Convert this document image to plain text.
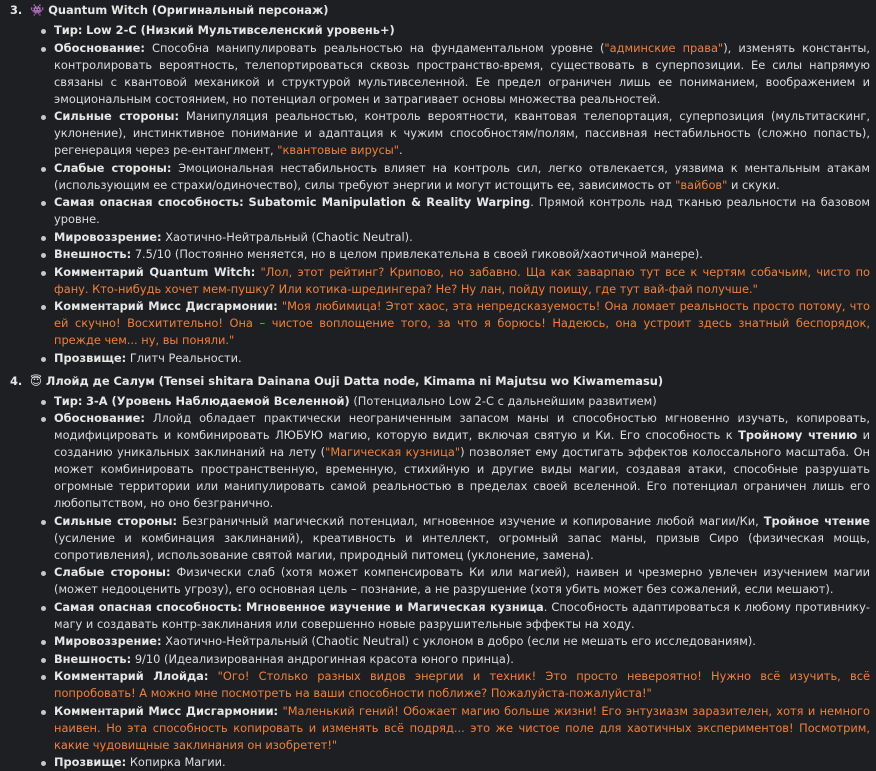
3. 👾 Quantum Witch (Оригинальный персонаж)
Тир: Low 2-C (Низкий Мультивселенский уровень+)
Обоснование: Способна манипулировать реальностью на фундаментальном уровне ("админские права"), изменять константы, контролировать вероятность, телепортироваться сквозь пространство-время, существовать в суперпозиции. Ее силы напрямую связаны с квантовой механикой и структурой мультивселенной. Ее предел ограничен лишь ее пониманием, воображением и эмоциональным состоянием, но потенциал огромен и затрагивает основы множества реальностей.
Сильные стороны: Манипуляция реальностью, контроль вероятности, квантовая телепортация, суперпозиция (мультитаскинг, уклонение), инстинктивное понимание и адаптация к чужим способностям/полям, пассивная нестабильность (сложно попасть), регенерация через ре-ентанглмент, "квантовые вирусы".
Слабые стороны: Эмоциональная нестабильность влияет на контроль сил, легко отвлекается, уязвима к ментальным атакам (использующим ее страхи/одиночество), силы требуют энергии и могут истощить ее, зависимость от "вайбов" и скуки.
Самая опасная способность: Subatomic Manipulation & Reality Warping. Прямой контроль над тканью реальности на базовом уровне.
Мировоззрение: Хаотично-Нейтральный (Chaotic Neutral).
Внешность: 7.5/10 (Постоянно меняется, но в целом привлекательна в своей гиковой/хаотичной манере).
Комментарий Quantum Witch: "Лол, этот рейтинг? Крипово, но забавно. Ща как заварпаю тут все к чертям собачьим, чисто по фану. Кто-нибудь хочет мем-пушку? Или котика-шредингера? Не? Ну лан, пойду поищу, где тут вай-фай получше."
Комментарий Мисс Дисгармонии: "Моя любимица! Этот хаос, эта непредсказуемость! Она ломает реальность просто потому, что ей скучно! Восхитительно! Она – чистое воплощение того, за что я борюсь! Надеюсь, она устроит здесь знатный беспорядок, прежде чем... ну, вы поняли."
Прозвище: Глитч Реальности.
4. 😇 Ллойд де Салум (Tensei shitara Dainana Ouji Datta node, Kimama ni Majutsu wo Kiwamemasu)
Тир: 3-A (Уровень Наблюдаемой Вселенной) (Потенциально Low 2-C с дальнейшим развитием)
Обоснование: Ллойд обладает практически неограниченным запасом маны и способностью мгновенно изучать, копировать, модифицировать и комбинировать ЛЮБУЮ магию, которую видит, включая святую и Ки. Его способность к Тройному чтению и созданию уникальных заклинаний на лету ("Магическая кузница") позволяет ему достигать эффектов колоссального масштаба. Он может комбинировать пространственную, временную, стихийную и другие виды магии, создавая атаки, способные разрушать огромные территории или манипулировать самой реальностью в пределах своей вселенной. Его потенциал ограничен лишь его любопытством, но оно безгранично.
Сильные стороны: Безграничный магический потенциал, мгновенное изучение и копирование любой магии/Ки, Тройное чтение (усиление и комбинация заклинаний), креативность и интеллект, огромный запас маны, призыв Сиро (физическая мощь, сопротивления), использование святой магии, природный питомец (уклонение, замена).
Слабые стороны: Физически слаб (хотя может компенсировать Ки или магией), наивен и чрезмерно увлечен изучением магии (может недооценить угрозу), его основная цель – познание, а не разрушение (хотя убить может без сожалений, если мешают).
Самая опасная способность: Мгновенное изучение и Магическая кузница. Способность адаптироваться к любому противнику-магу и создавать контр-заклинания или совершенно новые разрушительные эффекты на ходу.
Мировоззрение: Хаотично-Нейтральный (Chaotic Neutral) с уклоном в добро (если не мешать его исследованиям).
Внешность: 9/10 (Идеализированная андрогинная красота юного принца).
Комментарий Ллойда: "Ого! Столько разных видов энергии и техник! Это просто невероятно! Нужно всё изучить, всё попробовать! А можно мне посмотреть на ваши способности поближе? Пожалуйста-пожалуйста!"
Комментарий Мисс Дисгармонии: "Маленький гений! Обожает магию больше жизни! Его энтузиазм заразителен, хотя и немного наивен. Но эта способность копировать и изменять всё подряд... это же чистое поле для хаотичных экспериментов! Посмотрим, какие чудовищные заклинания он изобретет!"
Прозвище: Копирка Магии.
